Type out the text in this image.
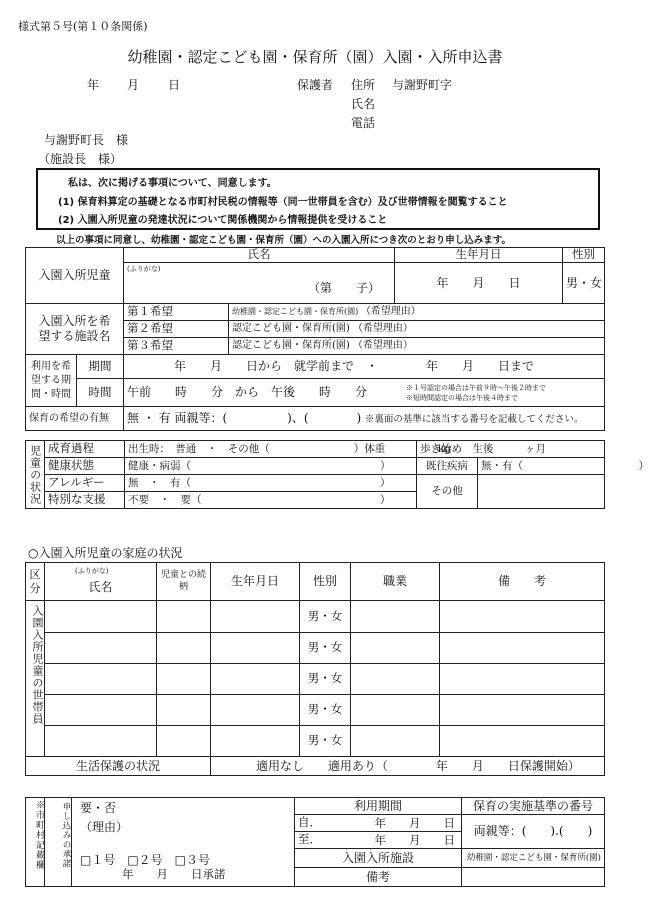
様式第５号(第１０条関係)
幼稚園・認定こども園・保育所（園）入園・入所申込書
年 月 日	保護者 住所 与謝野町字
氏名
電話
与謝野町長　様
（施設長　様）
私は、次に掲げる事項について、同意します。
(1) 保育料算定の基礎となる市町村民税の情報等（同一世帯員を含む）及び世帯情報を閲覧すること
(2) 入園入所児童の発達状況について関係機関から情報提供を受けること
以上の事項に同意し、幼稚園・認定こども園・保育所（園）への入園入所につき次のとおり申し込みます。
入園入所児童		氏名		生年月日	性別

		(ふりがな)
（第　　子）		年　　月　　日	男・女
入園入所を希望する施設名		第１希望	幼稚園・認定こども園・保育所(園) （希望理由）		
		第２希望	認定こども園・保育所(園)　 （希望理由）		
		第３希望	認定こども園・保育所(園)　 （希望理由）		
利用を希望する期間・時間	期間	年　　月　　日から　就学前まで　・　　　　年　　月　　日まで			
	時間	午前　　時　　分　から　午後　　時　　分 ※１号認定の場合は午前９時～午後２時まで
※短時間認定の場合は午後４時まで			

保育の希望の有無		無 ・ 有 両親等：(　　　　　)、(　　　　) ※裏面の基準に該当する番号を記載してください。			
児童の状況	成育過程	出生時：　普通　・　その他（　　　　　　　　）体重　　　　　kg	歩き始め　生後　　　ヶ月	
	健康状態	健康・病弱（　　　　　　　　　　　　　　　　　　）	既往疾病	無・有（　　　　　　　　　　　）
	アレルギー	無　・　有（　　　　　　　　　　　　　　　　　　）	その他	
	特別な支援	不要　・　要（　　　　　　　　　　　　　　　　　）		
○入園入所児童の家庭の状況
区分	(ふりがな)
氏名	児童との続柄	生年月日	性別	職業	備　　考
入園入所児童の世帯員				男・女		
				男・女		
				男・女		
				男・女		
				男・女		
生活保護の状況			適用なし 適用あり（　　　　年　　月　　日保護開始）			
※市町村記載欄	申し込みの承諾	要・否
（理由）
□１号　□２号　□３号
年　　月　　日承諾	利用期間	保育の実施基準の番号
			自． 年　　月　　日	両親等：(　　).(　　)
			至． 年　　月　　日	

			入園入所施設	幼稚園・認定こども園・保育所(園)
			備考	
